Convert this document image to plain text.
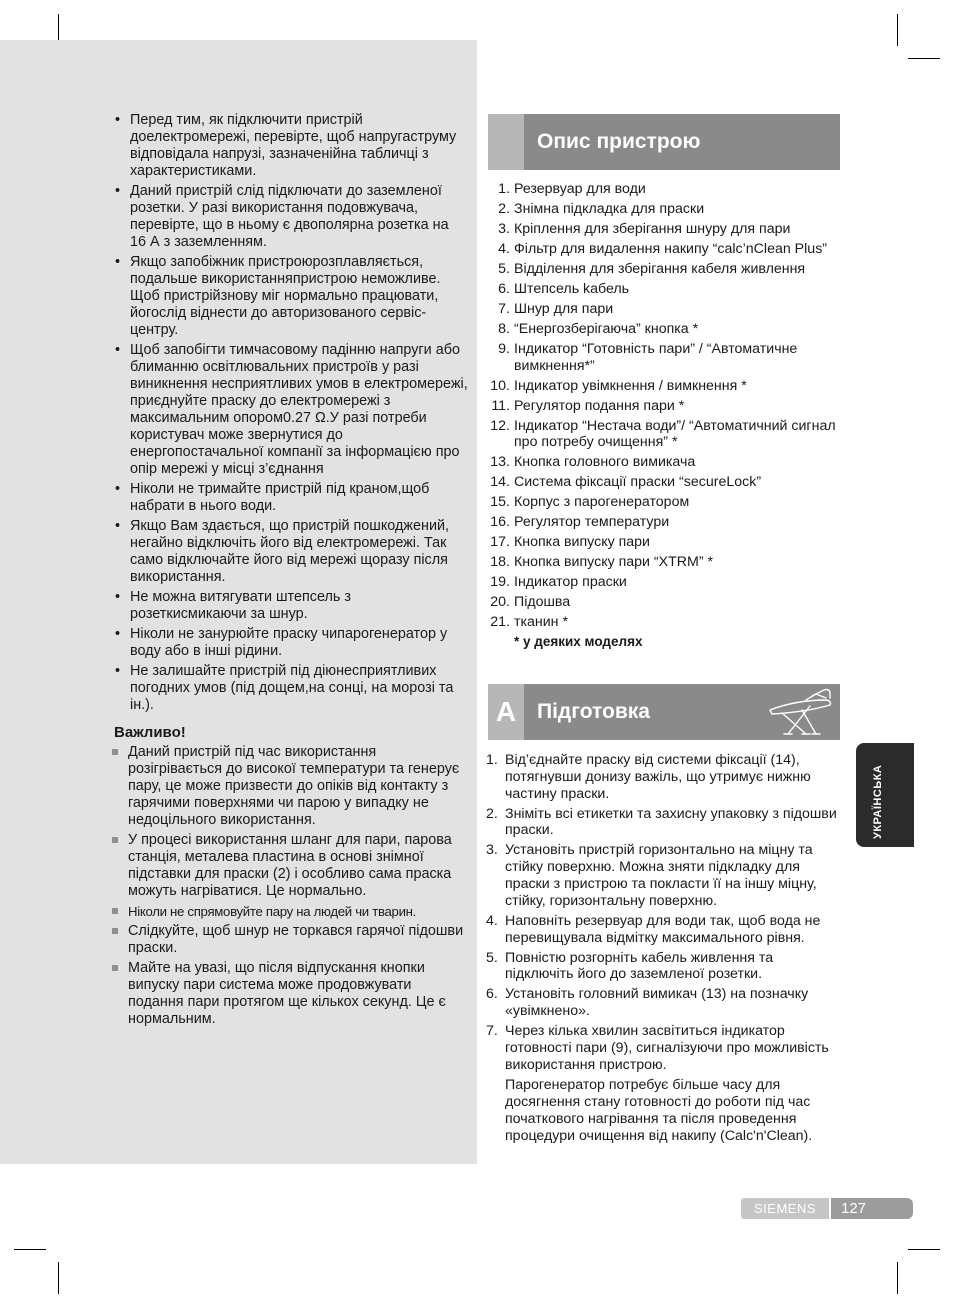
• Перед тим, як підключити пристрій доелектромережі, перевірте, щоб напругаструму відповідала напрузі, зазначенійна табличці з характеристиками.
• Даний пристрій слід підключати до заземленої розетки. У разі використання подовжувача, перевірте, що в ньому є двополярна розетка на 16 А з заземленням.
• Якщо запобіжник пристроюрозплавляється, подальше використанняпристрою неможливе. Щоб пристрійзнову міг нормально працювати, йогослід віднести до авторизованого сервіс-центру.
• Щоб запобігти тимчасовому падінню напруги або блиманню освітлювальних пристроїв у разі виникнення несприятливих умов в електромережі, приєднуйте праску до електромережі з максимальним опором0.27 Ω.У разі потреби користувач може звернутися до енергопостачальної компанії за інформацією про опір мережі у місці з’єднання
• Ніколи не тримайте пристрій під краном,щоб набрати в нього води.
• Якщо Вам здається, що пристрій пошкоджений, негайно відключіть його від електромережі. Так само відключайте його від мережі щоразу після використання.
• Не можна витягувати штепсель з розеткисмикаючи за шнур.
• Ніколи не занурюйте праску чипарогенератор у воду або в інші рідини.
• Не залишайте пристрій під діюнесприятливих погодних умов (під дощем,на сонці, на морозі та ін.).
Важливо!
Даний пристрій під час використання розігрівається до високої температури та генерує пару, це може призвести до опіків від контакту з гарячими поверхнями чи парою у випадку не недоцільного використання.
У процесі використання шланг для пари, парова станція, металева пластина в основі знімної підставки для праски (2) і особливо сама праска можуть нагріватися. Це нормально.
Ніколи не спрямовуйте пару на людей чи тварин.
Слідкуйте, щоб шнур не торкався гарячої підошви праски.
Майте на увазі, що після відпускання кнопки випуску пари система може продовжувати подання пари протягом ще кількох секунд. Це є нормальним.
Опис пристрою
1. Резервуар для води
2. Знімна підкладка для праски
3. Кріплення для зберігання шнуру для пари
4. Фільтр для видалення накипу “calc’nClean Plus”
5. Відділення для зберігання кабеля живлення
6. Штепсель kабель
7. Шнур для пари
8. “Енергозберігаюча” кнопка *
9. Індикатор “Готовність пари” / “Автоматичне вимкнення*”
10. Індикатор увімкнення / вимкнення *
11. Регулятор подання пари *
12. Індикатор “Нестача води”/ “Автоматичний сигнал про потребу очищення” *
13. Кнопка головного вимикача
14. Система фіксації праски “secureLock”
15. Корпус з парогенератором
16. Регулятор температури
17. Кнопка випуску пари
18. Кнопка випуску пари “XTRM” *
19. Індикатор праски
20. Підошва
21. тканин *
* у деяких моделях
A Підготовка
1. Від’єднайте праску від системи фіксації (14), потягнувши донизу важіль, що утримує нижню частину праски.
2. Зніміть всі етикетки та захисну упаковку з підошви праски.
3. Установіть пристрій горизонтально на міцну та стійку поверхню. Можна зняти підкладку для праски з пристрою та покласти її на іншу міцну, стійку, горизонтальну поверхню.
4. Наповніть резервуар для води так, щоб вода не перевищувала відмітку максимального рівня.
5. Повністю розгорніть кабель живлення та підключіть його до заземленої розетки.
6. Установіть головний вимикач (13) на позначку «увімкнено».
7. Через кілька хвилин засвітиться індикатор готовності пари (9), сигналізуючи про можливість використання пристрою.
Парогенератор потребує більше часу для досягнення стану готовності до роботи під час початкового нагрівання та після проведення процедури очищення від накипу (Calc'n'Clean).
УКРАЇНСЬКА
SIEMENS	127
